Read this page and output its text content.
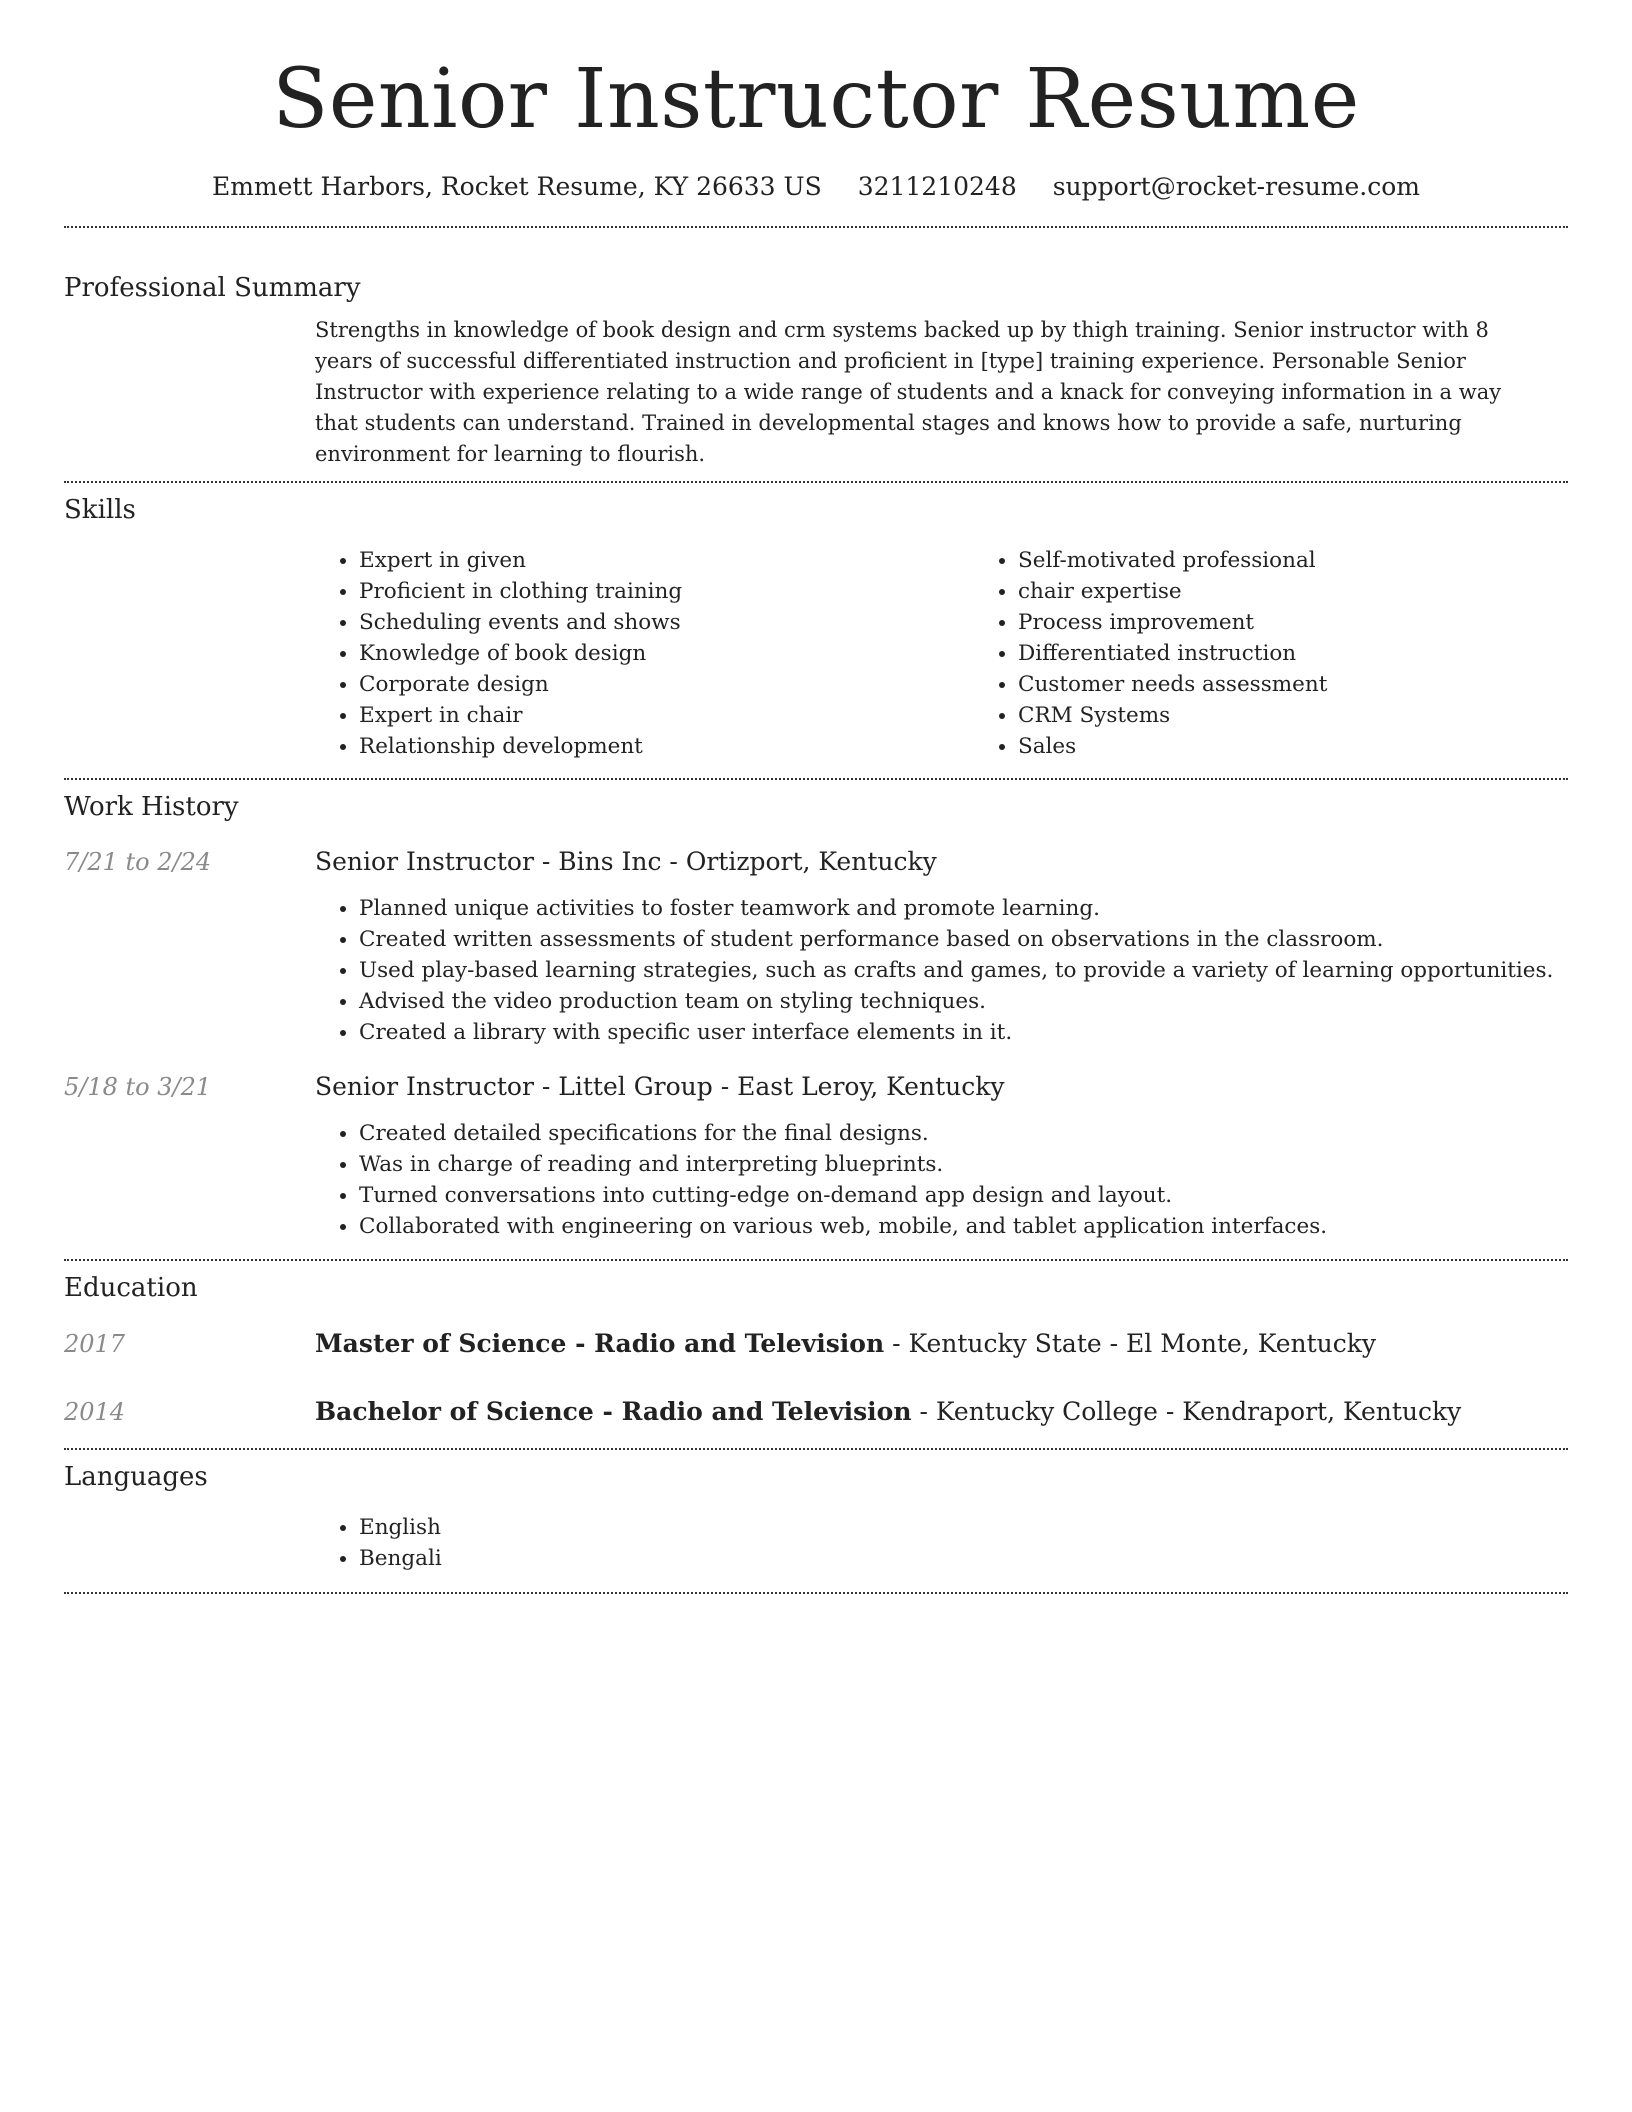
Senior Instructor Resume
Emmett Harbors, Rocket Resume, KY 26633 US 3211210248 support@rocket-resume.com
Professional Summary

Strengths in knowledge of book design and crm systems backed up by thigh training. Senior instructor with 8 years of successful differentiated instruction and proficient in [type] training experience. Personable Senior Instructor with experience relating to a wide range of students and a knack for conveying information in a way that students can understand. Trained in developmental stages and knows how to provide a safe, nurturing environment for learning to flourish.

Skills
• Expert in given
• Proficient in clothing training
• Scheduling events and shows
• Knowledge of book design
• Corporate design
• Expert in chair
• Relationship development
• Self-motivated professional
• chair expertise
• Process improvement
• Differentiated instruction
• Customer needs assessment
• CRM Systems
• Sales
Work History
7/21 to 2/24	Senior Instructor - Bins Inc - Ortizport, Kentucky
• Planned unique activities to foster teamwork and promote learning.
• Created written assessments of student performance based on observations in the classroom.
• Used play-based learning strategies, such as crafts and games, to provide a variety of learning opportunities.
• Advised the video production team on styling techniques.
• Created a library with specific user interface elements in it.
5/18 to 3/21	Senior Instructor - Littel Group - East Leroy, Kentucky
• Created detailed specifications for the final designs.
• Was in charge of reading and interpreting blueprints.
• Turned conversations into cutting-edge on-demand app design and layout.
• Collaborated with engineering on various web, mobile, and tablet application interfaces.
Education
2017	Master of Science - Radio and Television - Kentucky State - El Monte, Kentucky
2014	Bachelor of Science - Radio and Television - Kentucky College - Kendraport, Kentucky
Languages
• English
• Bengali
